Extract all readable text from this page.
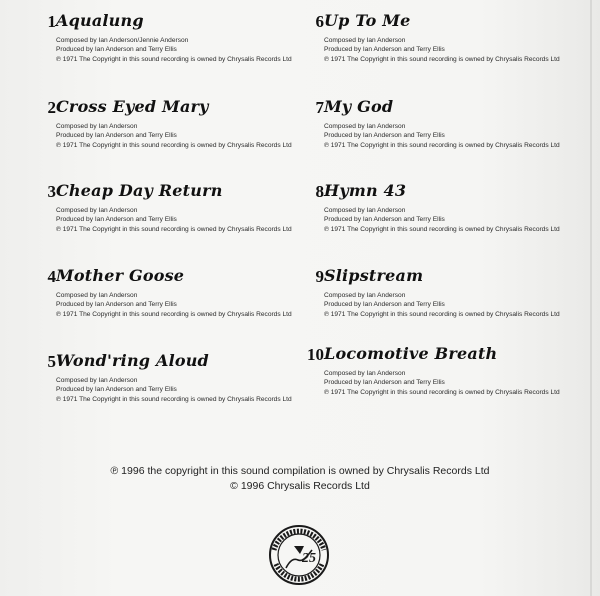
1 Aqualung
Composed by Ian Anderson/Jennie Anderson
Produced by Ian Anderson and Terry Ellis
℗ 1971 The Copyright in this sound recording is owned by Chrysalis Records Ltd
2 Cross Eyed Mary
Composed by Ian Anderson
Produced by Ian Anderson and Terry Ellis
℗ 1971 The Copyright in this sound recording is owned by Chrysalis Records Ltd
3 Cheap Day Return
Composed by Ian Anderson
Produced by Ian Anderson and Terry Ellis
℗ 1971 The Copyright in this sound recording is owned by Chrysalis Records Ltd
4 Mother Goose
Composed by Ian Anderson
Produced by Ian Anderson and Terry Ellis
℗ 1971 The Copyright in this sound recording is owned by Chrysalis Records Ltd
5 Wond'ring Aloud
Composed by Ian Anderson
Produced by Ian Anderson and Terry Ellis
℗ 1971 The Copyright in this sound recording is owned by Chrysalis Records Ltd
6 Up To Me
Composed by Ian Anderson
Produced by Ian Anderson and Terry Ellis
℗ 1971 The Copyright in this sound recording is owned by Chrysalis Records Ltd
7 My God
Composed by Ian Anderson
Produced by Ian Anderson and Terry Ellis
℗ 1971 The Copyright in this sound recording is owned by Chrysalis Records Ltd
8 Hymn 43
Composed by Ian Anderson
Produced by Ian Anderson and Terry Ellis
℗ 1971 The Copyright in this sound recording is owned by Chrysalis Records Ltd
9 Slipstream
Composed by Ian Anderson
Produced by Ian Anderson and Terry Ellis
℗ 1971 The Copyright in this sound recording is owned by Chrysalis Records Ltd
10 Locomotive Breath
Composed by Ian Anderson
Produced by Ian Anderson and Terry Ellis
℗ 1971 The Copyright in this sound recording is owned by Chrysalis Records Ltd
℗ 1996 the copyright in this sound compilation is owned by Chrysalis Records Ltd
© 1996 Chrysalis Records Ltd
25
